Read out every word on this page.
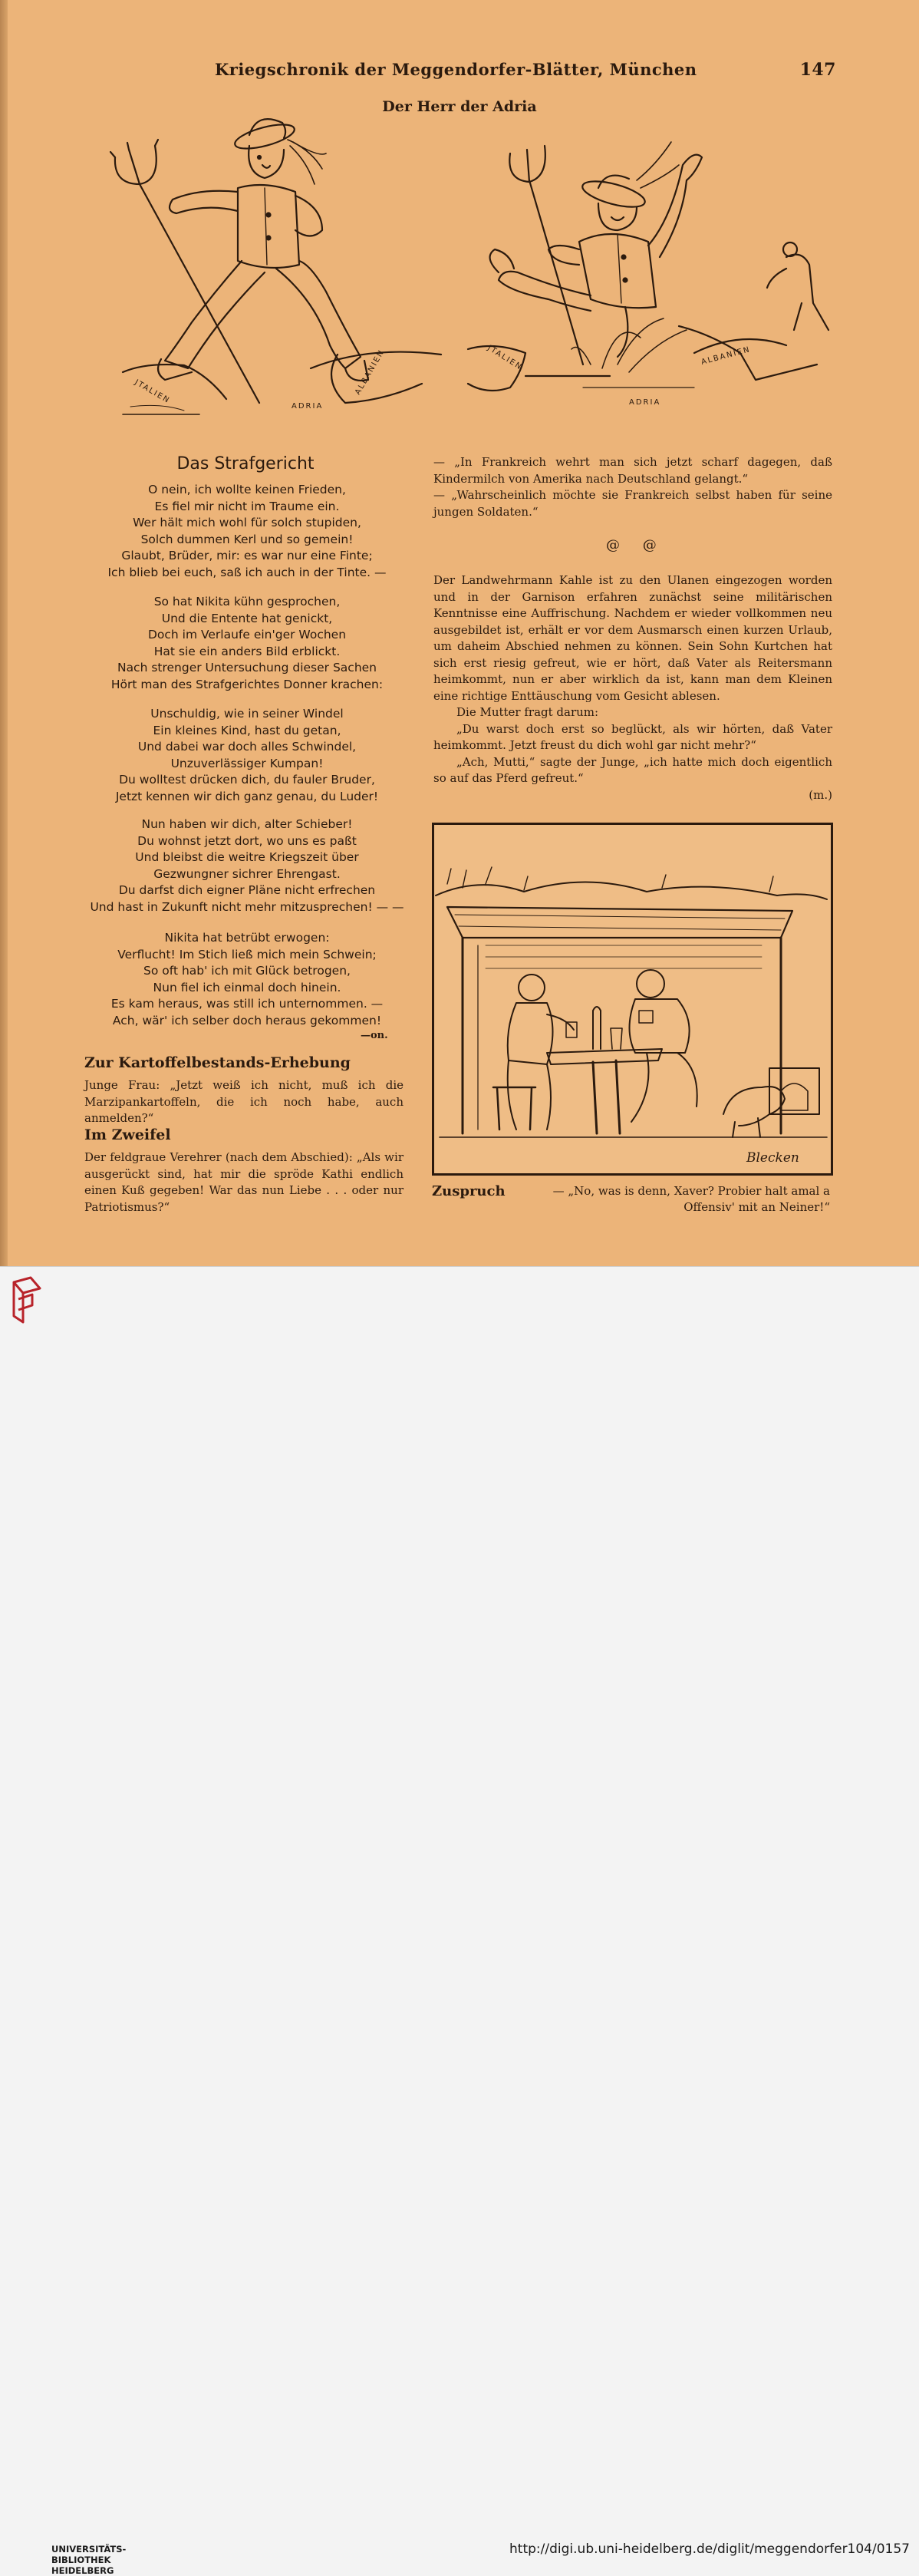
Kriegschronik der Meggendorfer-Blätter, München	147
Der Herr der Adria
JTALIEN
ADRIA
ALBANIEN	JTALIEN
ADRIA
ALBANIEN
Das Strafgericht
O nein, ich wollte keinen Frieden,
Es fiel mir nicht im Traume ein.
Wer hält mich wohl für solch stupiden,
Solch dummen Kerl und so gemein!
Glaubt, Brüder, mir: es war nur eine Finte;
Ich blieb bei euch, saß ich auch in der Tinte. —
So hat Nikita kühn gesprochen,
Und die Entente hat genickt,
Doch im Verlaufe ein'ger Wochen
Hat sie ein anders Bild erblickt.
Nach strenger Untersuchung dieser Sachen
Hört man des Strafgerichtes Donner krachen:
Unschuldig, wie in seiner Windel
Ein kleines Kind, hast du getan,
Und dabei war doch alles Schwindel,
Unzuverlässiger Kumpan!
Du wolltest drücken dich, du fauler Bruder,
Jetzt kennen wir dich ganz genau, du Luder!
Nun haben wir dich, alter Schieber!
Du wohnst jetzt dort, wo uns es paßt
Und bleibst die weitre Kriegszeit über
Gezwungner sichrer Ehrengast.
Du darfst dich eigner Pläne nicht erfrechen
Und hast in Zukunft nicht mehr mitzusprechen! — —
Nikita hat betrübt erwogen:
Verflucht! Im Stich ließ mich mein Schwein;
So oft hab' ich mit Glück betrogen,
Nun fiel ich einmal doch hinein.
Es kam heraus, was still ich unternommen. —
Ach, wär' ich selber doch heraus gekommen!
—on.
Zur Kartoffelbestands-Erhebung
Junge Frau: „Jetzt weiß ich nicht, muß ich die Marzipankartoffeln, die ich noch habe, auch anmelden?“
Im Zweifel
Der feldgraue Verehrer (nach dem Abschied): „Als wir ausgerückt sind, hat mir die spröde Kathi endlich einen Kuß gegeben! War das nun Liebe . . . oder nur Patriotismus?“

— „In Frankreich wehrt man sich jetzt scharf dagegen, daß Kindermilch von Amerika nach Deutschland gelangt.“

— „Wahrscheinlich möchte sie Frankreich selbst haben für seine jungen Soldaten.“

@ @

Der Landwehrmann Kahle ist zu den Ulanen eingezogen worden und in der Garnison erfahren zunächst seine militärischen Kenntnisse eine Auffrischung. Nachdem er wieder vollkommen neu ausgebildet ist, erhält er vor dem Ausmarsch einen kurzen Urlaub, um daheim Abschied nehmen zu können. Sein Sohn Kurtchen hat sich erst riesig gefreut, wie er hört, daß Vater als Reitersmann heimkommt, nun er aber wirklich da ist, kann man dem Kleinen eine richtige Enttäuschung vom Gesicht ablesen.

Die Mutter fragt darum:

„Du warst doch erst so beglückt, als wir hörten, daß Vater heimkommt. Jetzt freust du dich wohl gar nicht mehr?“

„Ach, Mutti,“ sagte der Junge, „ich hatte mich doch eigentlich so auf das Pferd gefreut.“

(m.)

Blecken
Zuspruch	— „No, was is denn, Xaver? Probier halt amal a Offensiv' mit an Neiner!“
UNIVERSITÄTS-
BIBLIOTHEK
HEIDELBERG
http://digi.ub.uni-heidelberg.de/diglit/meggendorfer104/0157
